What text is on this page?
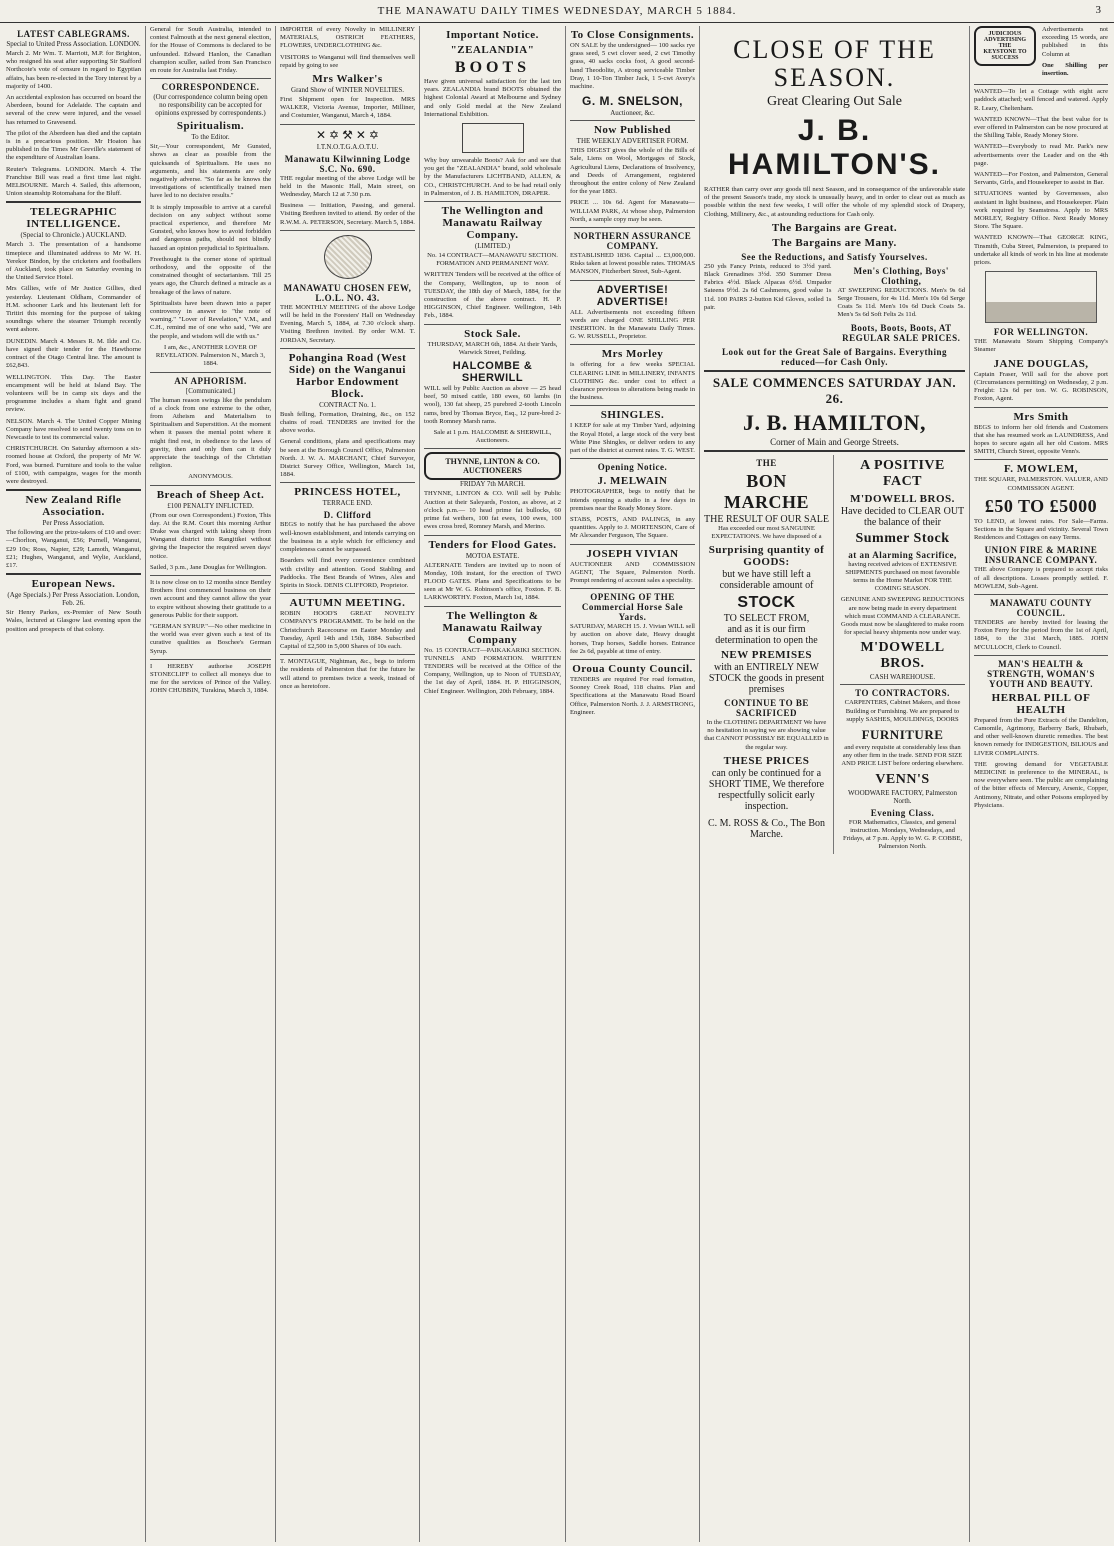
THE MANAWATU DAILY TIMES WEDNESDAY, MARCH 5 1884.	3
LATEST CABLEGRAMS.
Special to United Press Association. LONDON.
March 2. Mr Wm. T. Marriott, M.P. for Brighton, who resigned his seat after supporting Sir Stafford Northcote's vote of censure in regard to Egyptian affairs, has been re-elected in the Tory interest by a majority of 1400.
An accidental explosion has occurred on board the Aberdeen, bound for Adelaide. The captain and several of the crew were injured, and the vessel has returned to Gravesend.
The pilot of the Aberdeen has died and the captain is in a precarious position. Mr Hoaton has published in the Times Mr Greville's statement of the expenditure of Australian loans.
Reuter's Telegrams. LONDON. March 4. The Franchise Bill was read a first time last night. MELBOURNE. March 4. Sailed, this afternoon, Union steamship Rotomahana for the Bluff.
TELEGRAPHIC INTELLIGENCE.
(Special to Chronicle.) AUCKLAND.
March 3. The presentation of a handsome timepiece and illuminated address to Mr W. H. Yerekor Bindon, by the cricketers and footballers of Auckland, took place on Saturday evening in the United Service Hotel.
Mrs Gillies, wife of Mr Justice Gillies, died yesterday. Lieutenant Oldham, Commander of H.M. schooner Lark and his lieutenant left for Tiritiri this morning for the purpose of taking soundings where the steamer Triumph recently went ashore.
DUNEDIN. March 4. Messrs R. M. Ilde and Co. have signed their tender for the Hawthorne contract of the Otago Central line. The amount is £62,843.
WELLINGTON. This Day. The Easter encampment will be held at Island Bay. The volunteers will be in camp six days and the programme includes a sham fight and grand review.
NELSON. March 4. The United Copper Mining Company have resolved to send twenty tons on to Newcastle to test its commercial value.
CHRISTCHURCH. On Saturday afternoon a six-roomed house at Oxford, the property of Mr W. Ford, was burned. Furniture and tools to the value of £100, with campaigns, wages for the month were destroyed.
New Zealand Rifle Association.
Per Press Association.
The following are the prize-takers of £10 and over:—Chorlton, Wanganui, £56; Purnell, Wanganui, £29 10s; Ross, Napier, £29; Lamoth, Wanganui, £21; Hughes, Wanganui, and Wylie, Auckland, £17.
European News.
(Age Specials.) Per Press Association. London, Feb. 26.
Sir Henry Parkes, ex-Premier of New South Wales, lectured at Glasgow last evening upon the position and prospects of that colony.
General for South Australia, intended to contest Falmouth at the next general election, for the House of Commons is declared to be unfounded. Edward Hanlon, the Canadian champion sculler, sailed from San Francisco en route for Australia last Friday.
CORRESPONDENCE.
(Our correspondence column being open no responsibility can be accepted for opinions expressed by correspondents.)
Spiritualism.
To the Editor.
Sir,—Your correspondent, Mr Gunsted, shows as clear as possible from the quicksands of Spiritualism. He uses no arguments, and his statements are only negatively adverse. "So far as he knows the investigations of scientifically trained men have led to no decisive results."
It is simply impossible to arrive at a careful decision on any subject without some practical experience, and therefore Mr Gunsted, who knows how to avoid forbidden and dangerous paths, should not blindly hazard an opinion prejudicial to Spiritualism.
Freethought is the corner stone of spiritual orthodoxy, and the opposite of the constrained thought of sectarianism. Till 25 years ago, the Church defined a miracle as a breakage of the laws of nature.
Spiritualists have been drawn into a paper controversy in answer to "the note of warning." "Lover of Revelation," V.M., and C.H., remind me of one who said, "We are the people, and wisdom will die with us."
I am, &c., ANOTHER LOVER OF REVELATION. Palmerston N., March 3, 1884.
AN APHORISM.
[Communicated.]
The human reason swings like the pendulum of a clock from one extreme to the other, from Atheism and Materialism to Spiritualism and Superstition. At the moment when it passes the mental point where it might find rest, in obedience to the laws of gravity, then and only then can it duly appreciate the teachings of the Christian religion.
ANONYMOUS.
Breach of Sheep Act.
£100 PENALTY INFLICTED.
(From our own Correspondent.) Foxton, This day. At the R.M. Court this morning Arthur Drake was charged with taking sheep from Wanganui district into Rangitikei without giving the Inspector the required seven days' notice.
Sailed, 3 p.m., Jane Douglas for Wellington.
It is now close on to 12 months since Bentley Brothers first commenced business on their own account and they cannot allow the year to expire without showing their gratitude to a generous Public for their support.
"GERMAN SYRUP."—No other medicine in the world was ever given such a test of its curative qualities as Boschee's German Syrup.
I HEREBY authorise JOSEPH STONECLIFF to collect all moneys due to me for the services of Prince of the Valley. JOHN CHUBBIN, Turakina, March 3, 1884.
IMPORTER of every Novelty in MILLINERY MATERIALS, OSTRICH FEATHERS, FLOWERS, UNDERCLOTHING &c.
VISITORS to Wanganui will find themselves well repaid by going to see
Mrs Walker's
Grand Show of WINTER NOVELTIES.
First Shipment open for Inspection. MRS WALKER, Victoria Avenue, Importer, Milliner, and Costumier, Wanganui, March 4, 1884.
✕ ✡ ⚒ ✕ ✡
I.T.N.O.T.G.A.O.T.U.
Manawatu Kilwinning Lodge S.C. No. 690.
THE regular meeting of the above Lodge will be held in the Masonic Hall, Main street, on Wednesday, March 12 at 7.30 p.m.
Business — Initiation, Passing, and general. Visiting Brethren invited to attend. By order of the R.W.M. A. PETERSON, Secretary. March 5, 1884.
MANAWATU CHOSEN FEW, L.O.L. NO. 43.
THE MONTHLY MEETING of the above Lodge will be held in the Foresters' Hall on Wednesday Evening, March 5, 1884, at 7.30 o'clock sharp. Visiting Brethren invited. By order W.M. T. JORDAN, Secretary.
Pohangina Road (West Side) on the Wanganui Harbor Endowment Block.
CONTRACT No. 1.
Bush felling, Formation, Draining, &c., on 152 chains of road. TENDERS are invited for the above works.
General conditions, plans and specifications may be seen at the Borough Council Office, Palmerston North. J. W. A. MARCHANT, Chief Surveyor, District Survey Office, Wellington, March 1st, 1884.
PRINCESS HOTEL,
TERRACE END.
D. Clifford
BEGS to notify that he has purchased the above well-known establishment, and intends carrying on the business in a style which for efficiency and completeness cannot be surpassed.
Boarders will find every convenience combined with civility and attention. Good Stabling and Paddocks. The Best Brands of Wines, Ales and Spirits in Stock. DENIS CLIFFORD, Proprietor.
AUTUMN MEETING.
ROBIN HOOD'S GREAT NOVELTY COMPANY'S PROGRAMME. To be held on the Christchurch Racecourse on Easter Monday and Tuesday, April 14th and 15th, 1884. Subscribed Capital of £2,500 in 5,000 Shares of 10s each.
T. MONTAGUE, Nightman, &c., begs to inform the residents of Palmerston that for the future he will attend to premises twice a week, instead of once as heretofore.
Important Notice.
"ZEALANDIA"
BOOTS
Have given universal satisfaction for the last ten years. ZEALANDIA brand BOOTS obtained the highest Colonial Award at Melbourne and Sydney and only Gold medal at the New Zealand International Exhibition.
Why buy unwearable Boots? Ask for and see that you get the "ZEALANDIA" brand, sold wholesale by the Manufacturers LICHTBAND, ALLEN, & CO., CHRISTCHURCH. And to be had retail only in Palmerston, of J. B. HAMILTON, DRAPER.
The Wellington and Manawatu Railway Company.
(LIMITED.)
No. 14 CONTRACT—MANAWATU SECTION. FORMATION AND PERMANENT WAY.
WRITTEN Tenders will be received at the office of the Company, Wellington, up to noon of TUESDAY, the 18th day of March, 1884, for the construction of the above contract. H. P. HIGGINSON, Chief Engineer. Wellington, 14th Feb., 1884.
Stock Sale.
THURSDAY, MARCH 6th, 1884. At their Yards, Warwick Street, Feilding.
HALCOMBE & SHERWILL
WILL sell by Public Auction as above — 25 head beef, 50 mixed cattle, 180 ewes, 60 lambs (in wool), 130 fat sheep, 25 purebred 2-tooth Lincoln rams, bred by Thomas Bryce, Esq., 12 pure-bred 2-tooth Romney Marsh rams.
Sale at 1 p.m. HALCOMBE & SHERWILL, Auctioneers.
THYNNE, LINTON & CO. AUCTIONEERS
FRIDAY 7th MARCH.
THYNNE, LINTON & CO. Will sell by Public Auction at their Saleyards, Foxton, as above, at 2 o'clock p.m.— 10 head prime fat bullocks, 60 prime fat wethers, 100 fat ewes, 100 ewes, 100 ewes cross bred, Romney Marsh, and Merino.
Tenders for Flood Gates.
MOTOA ESTATE.
ALTERNATE Tenders are invited up to noon of Monday, 10th instant, for the erection of TWO FLOOD GATES. Plans and Specifications to be seen at Mr W. G. Robinson's office, Foxton. F. B. LARKWORTHY. Foxton, March 1st, 1884.
The Wellington & Manawatu Railway Company
No. 15 CONTRACT—PAIKAKARIKI SECTION. TUNNELS AND FORMATION. WRITTEN TENDERS will be received at the Office of the Company, Wellington, up to Noon of TUESDAY, the 1st day of April, 1884. H. P. HIGGINSON, Chief Engineer. Wellington, 20th February, 1884.
To Close Consignments.
ON SALE by the undersigned— 100 sacks rye grass seed, 5 cwt clover seed, 2 cwt Timothy grass, 40 sacks cocks foot, A good second-hand Theodolite, A strong serviceable Timber Dray, 1 10-Ton Timber Jack, 1 5-cwt Avery's machine.
G. M. SNELSON,
Auctioneer, &c.
Now Published
THE WEEKLY ADVERTISER FORM.
THIS DIGEST gives the whole of the Bills of Sale, Liens on Wool, Mortgages of Stock, Agricultural Liens, Declarations of Insolvency, and Deeds of Arrangement, registered throughout the entire colony of New Zealand for the year 1883.
PRICE ... 10s 6d. Agent for Manawatu— WILLIAM PARK, At whose shop, Palmerston North, a sample copy may be seen.
NORTHERN ASSURANCE COMPANY.
ESTABLISHED 1836. Capital ... £3,000,000. Risks taken at lowest possible rates. THOMAS MANSON, Fitzherbert Street, Sub-Agent.
ADVERTISE! ADVERTISE!
ALL Advertisements not exceeding fifteen words are charged ONE SHILLING PER INSERTION. In the Manawatu Daily Times. G. W. RUSSELL, Proprietor.
Mrs Morley
is offering for a few weeks SPECIAL CLEARING LINE in MILLINERY, INFANTS CLOTHING &c. under cost to effect a clearance previous to alterations being made in the business.
SHINGLES.
I KEEP for sale at my Timber Yard, adjoining the Royal Hotel, a large stock of the very best White Pine Shingles, or deliver orders to any part of the district at current rates. T. G. WEST.
Opening Notice.
J. MELWAIN
PHOTOGRAPHER, begs to notify that he intends opening a studio in a few days in premises near the Ready Money Store.
STABS, POSTS, AND PALINGS, in any quantities. Apply to J. MORTENSON, Care of Mr Alexander Ferguson, The Square.
JOSEPH VIVIAN
AUCTIONEER AND COMMISSION AGENT, The Square, Palmerston North. Prompt rendering of account sales a speciality.
OPENING OF THE Commercial Horse Sale Yards.
SATURDAY, MARCH 15. J. Vivian WILL sell by auction on above date, Heavy draught horses, Trap horses, Saddle horses. Entrance fee 2s 6d, payable at time of entry.
Oroua County Council.
TENDERS are required For road formation, Sooney Creek Road, 118 chains. Plan and Specifications at the Manawatu Road Board Office, Palmerston North. J. J. ARMSTRONG, Engineer.
CLOSE OF THE SEASON.
Great Clearing Out Sale
J. B. HAMILTON'S.
RATHER than carry over any goods till next Season, and in consequence of the unfavorable state of the present Season's trade, my stock is unusually heavy, and in order to clear out as much as possible within the next few weeks, I will offer the whole of my splendid stock of Drapery, Clothing, Millinery, &c., at astounding reductions for Cash only.
The Bargains are Great.
The Bargains are Many.
See the Reductions, and Satisfy Yourselves.
250 yds Fancy Prints, reduced to 3½d yard. Black Grenadines 3½d. 350 Summer Dress Fabrics 4½d. Black Alpacas 6½d. Umpador Sateens 9½d. 2s 6d Cashmeres, good value 1s 11d. 100 PAIRS 2-button Kid Gloves, soiled 1s pair.
Men's Clothing, Boys' Clothing,
AT SWEEPING REDUCTIONS. Men's 9s 6d Serge Trousers, for 4s 11d. Men's 10s 6d Serge Coats 5s 11d. Men's 10s 6d Duck Coats 5s. Men's 5s 6d Soft Felts 2s 11d.
Boots, Boots, Boots, AT REGULAR SALE PRICES.
Look out for the Great Sale of Bargains. Everything reduced—for Cash Only.
SALE COMMENCES SATURDAY JAN. 26.
J. B. HAMILTON,
Corner of Main and George Streets.
THE
BON MARCHE
THE RESULT OF OUR SALE
Has exceeded our most SANGUINE EXPECTATIONS. We have disposed of a
Surprising quantity of GOODS:
but we have still left a considerable amount of
STOCK
TO SELECT FROM,
and as it is our firm determination to open the
NEW PREMISES
with an ENTIRELY NEW STOCK the goods in present premises
CONTINUE TO BE SACRIFICED
In the CLOTHING DEPARTMENT We have no hesitation in saying we are showing value that CANNOT POSSIBLY BE EQUALLED in the regular way.
THESE PRICES
can only be continued for a SHORT TIME, We therefore respectfully solicit early inspection.
C. M. ROSS & Co., The Bon Marche.
A POSITIVE FACT
M'DOWELL BROS.
Have decided to CLEAR OUT the balance of their
Summer Stock
at an Alarming Sacrifice,
having received advices of EXTENSIVE SHIPMENTS purchased on most favorable terms in the Home Market FOR THE COMING SEASON.
GENUINE AND SWEEPING REDUCTIONS are now being made in every department which must COMMAND A CLEARANCE. Goods must now be slaughtered to make room for special heavy shipments now under way.
M'DOWELL BROS.
CASH WAREHOUSE.
TO CONTRACTORS.
CARPENTERS, Cabinet Makers, and those Building or Furnishing. We are prepared to supply SASHES, MOULDINGS, DOORS
FURNITURE
and every requisite at considerably less than any other firm in the trade. SEND FOR SIZE AND PRICE LIST before ordering elsewhere.
VENN'S
WOODWARE FACTORY, Palmerston North.
Evening Class.
FOR Mathematics, Classics, and general instruction. Mondays, Wednesdays, and Fridays, at 7 p.m. Apply to W. G. P. COBBE, Palmerston North.
JUDICIOUS ADVERTISING THE KEYSTONE TO SUCCESS
Advertisements not exceeding 15 words, are published in this Column at
One Shilling per insertion.
WANTED—To let a Cottage with eight acre paddock attached; well fenced and watered. Apply R. Leary, Cheltenham.
WANTED KNOWN—That the best value for is ever offered in Palmerston can be now procured at the Shilling Table, Ready Money Store.
WANTED—Everybody to read Mr. Park's new advertisements over the Leader and on the 4th page.
WANTED—For Foxton, and Palmerston, General Servants, Girls, and Housekeeper to assist in Bar.
SITUATIONS wanted by Governesses, also assistant in light business, and Housekeeper. Plain work required by Seamstress. Apply to MRS MORLEY, Registry Office. Next Ready Money Store. The Square.
WANTED KNOWN—That GEORGE KING, Tinsmith, Cuba Street, Palmerston, is prepared to undertake all kinds of work in his line at moderate prices.
FOR WELLINGTON.
THE Manawatu Steam Shipping Company's Steamer
JANE DOUGLAS,
Captain Fraser, Will sail for the above port (Circumstances permitting) on Wednesday, 2 p.m. Freight: 12s 6d per ton. W. G. ROBINSON, Foxton, Agent.
Mrs Smith
BEGS to inform her old friends and Customers that she has resumed work as LAUNDRESS, And hopes to secure again all her old Custom. MRS SMITH, Church Street, opposite Venn's.
F. MOWLEM,
THE SQUARE, PALMERSTON. VALUER, AND COMMISSION AGENT.
£50 TO £5000
TO LEND, at lowest rates. For Sale—Farms. Sections in the Square and vicinity. Several Town Residences and Cottages on easy Terms.
UNION FIRE & MARINE INSURANCE COMPANY.
THE above Company is prepared to accept risks of all descriptions. Losses promptly settled. F. MOWLEM, Sub-Agent.
MANAWATU COUNTY COUNCIL.
TENDERS are hereby invited for leasing the Foxton Ferry for the period from the 1st of April, 1884, to the 31st March, 1885. JOHN M'CULLOCH, Clerk to Council.
MAN'S HEALTH & STRENGTH, WOMAN'S YOUTH AND BEAUTY.
HERBAL PILL OF HEALTH
Prepared from the Pure Extracts of the Dandelion, Camomile, Agrimony, Barberry Bark, Rhubarb, and other well-known diuretic remedies. The best known remedy for INDIGESTION, BILIOUS and LIVER COMPLAINTS.
THE growing demand for VEGETABLE MEDICINE in preference to the MINERAL, is now everywhere seen. The public are complaining of the bitter effects of Mercury, Arsenic, Copper, Antimony, Nitrate, and other Poisons employed by Physicians.
